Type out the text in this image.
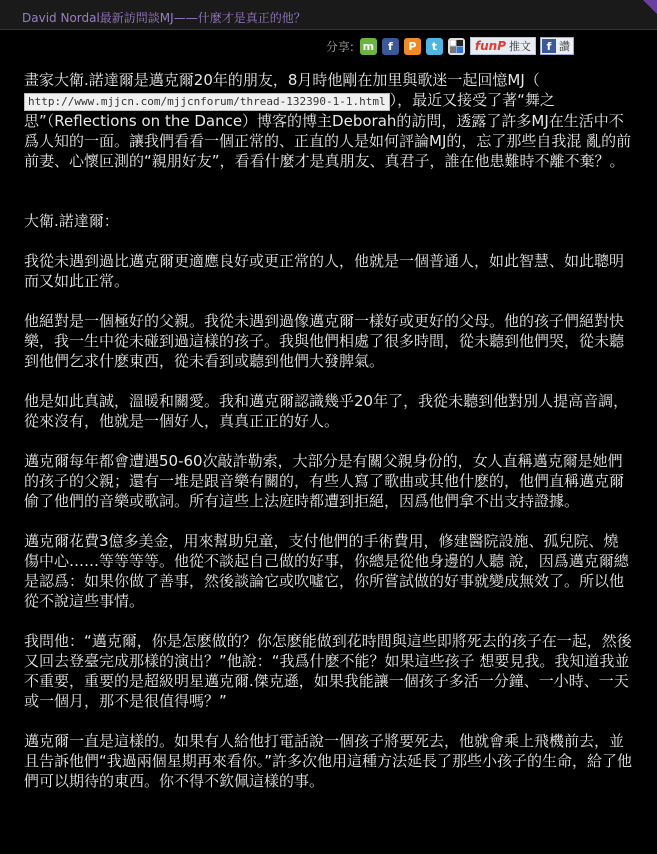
David Nordal最新訪問談MJ——什麼才是真正的他？
分享: m	f	P	t	funP 推文	f 讚

畫家大衛.諾達爾是邁克爾20年的朋友，8月時他剛在加里與歌迷一起回憶MJ（http://www.mjjcn.com/mjjcnforum/thread-132390-1-1.html ），最近又接受了著“舞之思”（Reflections on the Dance）博客的博主Deborah的訪問，透露了許多MJ在生活中不爲人知的一面。讓我們看看一個正常的、正直的人是如何評論MJ的，忘了那些自我混 亂的前前妻、心懷叵測的“親朋好友”，看看什麼才是真朋友、真君子，誰在他患難時不離不棄？。

大衛.諾達爾：

我從未遇到過比邁克爾更適應良好或更正常的人，他就是一個普通人，如此智慧、如此聰明而又如此正常。

他絕對是一個極好的父親。我從未遇到過像邁克爾一樣好或更好的父母。他的孩子們絕對快樂，我一生中從未碰到過這樣的孩子。我與他們相處了很多時間，從未聽到他們哭，從未聽到他們乞求什麽東西，從未看到或聽到他們大發脾氣。

他是如此真誠，溫暖和關愛。我和邁克爾認識幾乎20年了，我從未聽到他對別人提高音調，從來沒有，他就是一個好人，真真正正的好人。

邁克爾每年都會遭遇50-60次敲詐勒索，大部分是有關父親身份的，女人直稱邁克爾是她們的孩子的父親；還有一堆是跟音樂有關的，有些人寫了歌曲或其他什麽的，他們直稱邁克爾偷了他們的音樂或歌詞。所有這些上法庭時都遭到拒絕，因爲他們拿不出支持證據。

邁克爾花費3億多美金，用來幫助兒童，支付他們的手術費用，修建醫院設施、孤兒院、燒傷中心……等等等等。他從不談起自己做的好事，你總是從他身邊的人聽 說，因爲邁克爾總是認爲：如果你做了善事，然後談論它或吹噓它，你所嘗試做的好事就變成無效了。所以他從不說這些事情。

我問他：“邁克爾，你是怎麽做的？你怎麽能做到花時間與這些即將死去的孩子在一起，然後又回去登臺完成那樣的演出？”他說：“我爲什麽不能？如果這些孩子 想要見我。我知道我並不重要，重要的是超級明星邁克爾.傑克遜，如果我能讓一個孩子多活一分鐘、一小時、一天或一個月，那不是很值得嗎？”

邁克爾一直是這樣的。如果有人給他打電話說一個孩子將要死去，他就會乘上飛機前去，並且告訴他們“我過兩個星期再來看你。”許多次他用這種方法延長了那些小孩子的生命，給了他們可以期待的東西。你不得不欽佩這樣的事。
